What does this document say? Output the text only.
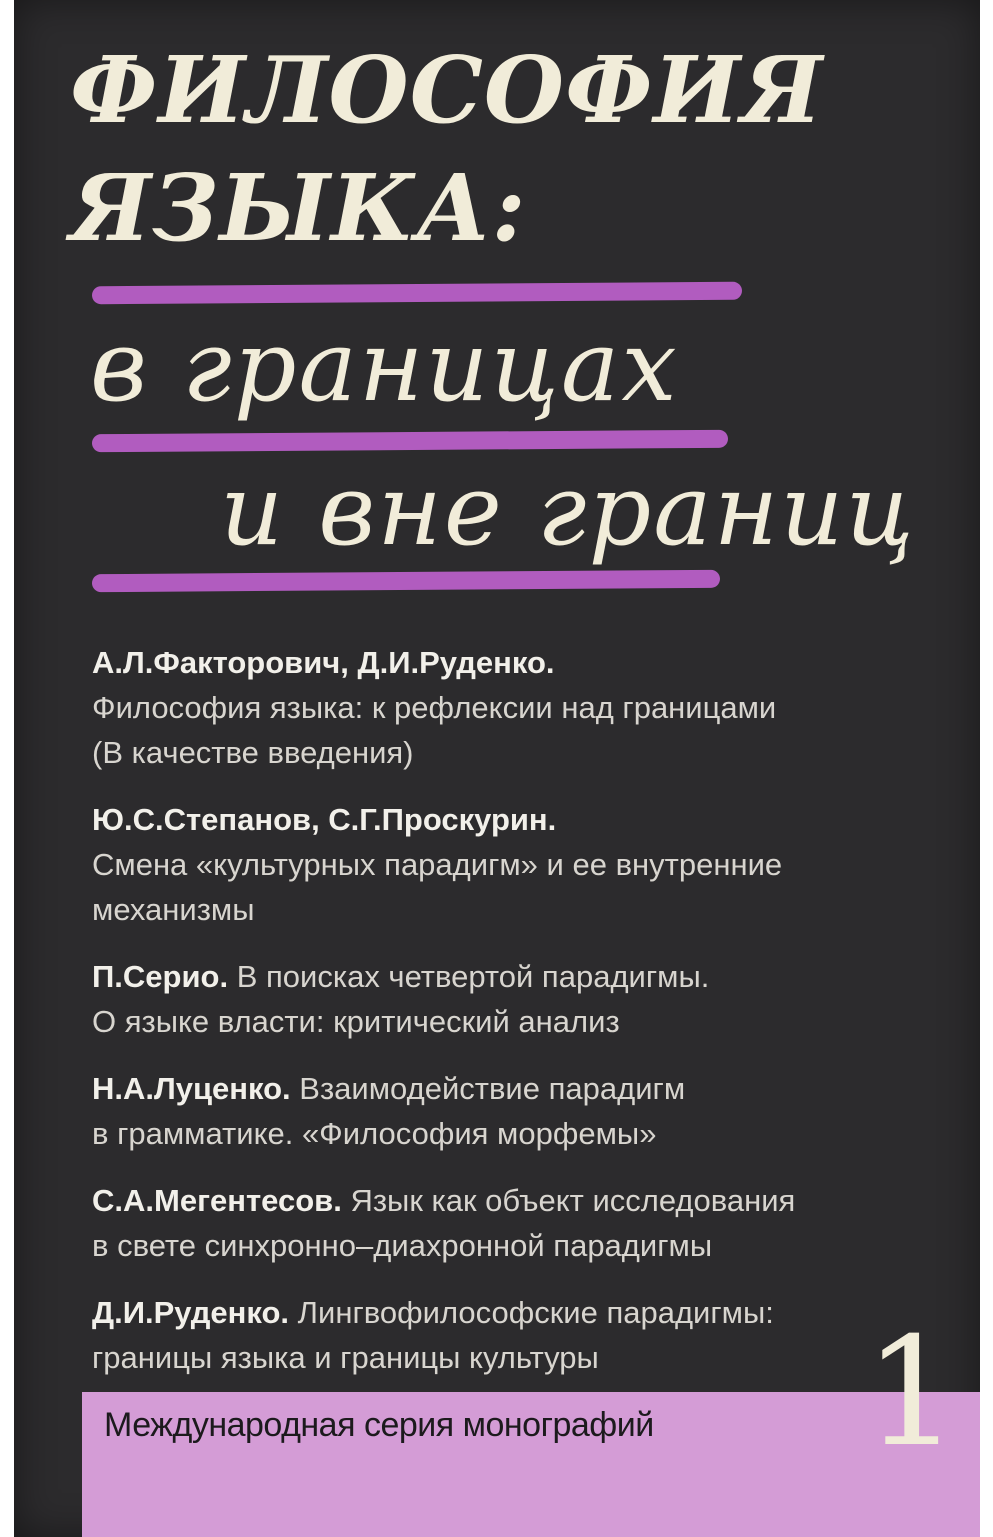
ФИЛОСОФИЯ

ЯЗЫКА:

в границах

и вне границ

А.Л.Факторович, Д.И.Руденко.
Философия языка: к рефлексии над границами
(В качестве введения)
Ю.С.Степанов, С.Г.Проскурин.
Смена «культурных парадигм» и ее внутренние
механизмы
П.Серио. В поисках четвертой парадигмы.
О языке власти: критический анализ
Н.А.Луценко. Взаимодействие парадигм
в грамматике. «Философия морфемы»
С.А.Мегентесов. Язык как объект исследования
в свете синхронно–диахронной парадигмы
Д.И.Руденко. Лингвофилософские парадигмы:
границы языка и границы культуры
Международная серия монографий 1
